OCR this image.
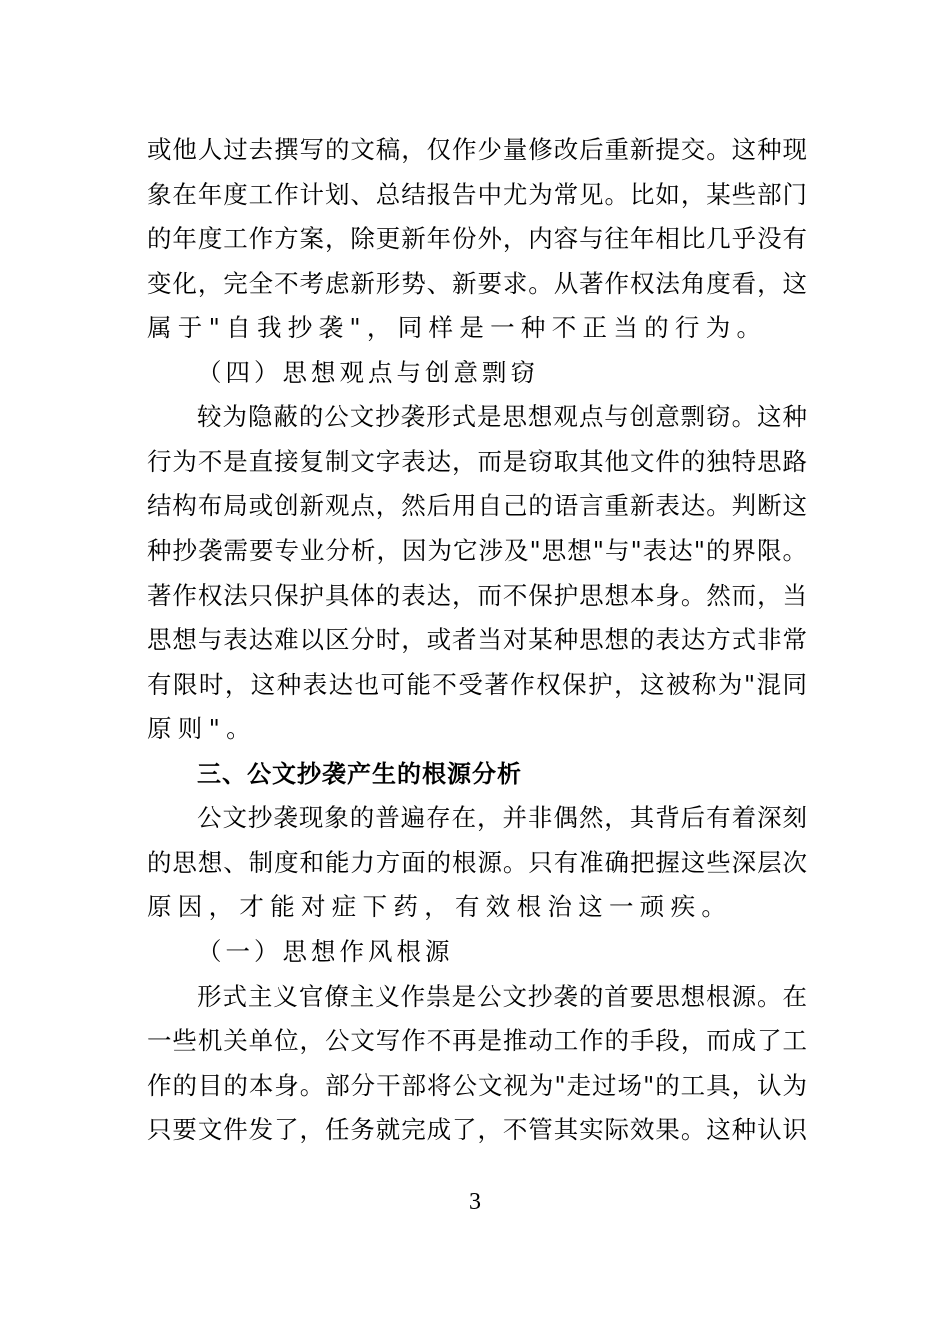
或他人过去撰写的文稿，仅作少量修改后重新提交。这种现
象在年度工作计划、总结报告中尤为常见。比如，某些部门
的年度工作方案，除更新年份外，内容与往年相比几乎没有
变化，完全不考虑新形势、新要求。从著作权法角度看，这
属于"自我抄袭"，同样是一种不正当的行为。
（四）思想观点与创意剽窃
较为隐蔽的公文抄袭形式是思想观点与创意剽窃。这种
行为不是直接复制文字表达，而是窃取其他文件的独特思路
结构布局或创新观点，然后用自己的语言重新表达。判断这
种抄袭需要专业分析，因为它涉及"思想"与"表达"的界限。
著作权法只保护具体的表达，而不保护思想本身。然而，当
思想与表达难以区分时，或者当对某种思想的表达方式非常
有限时，这种表达也可能不受著作权保护，这被称为"混同
原则"。
三、公文抄袭产生的根源分析
公文抄袭现象的普遍存在，并非偶然，其背后有着深刻
的思想、制度和能力方面的根源。只有准确把握这些深层次
原因，才能对症下药，有效根治这一顽疾。
（一）思想作风根源
形式主义官僚主义作祟是公文抄袭的首要思想根源。在
一些机关单位，公文写作不再是推动工作的手段，而成了工
作的目的本身。部分干部将公文视为"走过场"的工具，认为
只要文件发了，任务就完成了，不管其实际效果。这种认识
3
